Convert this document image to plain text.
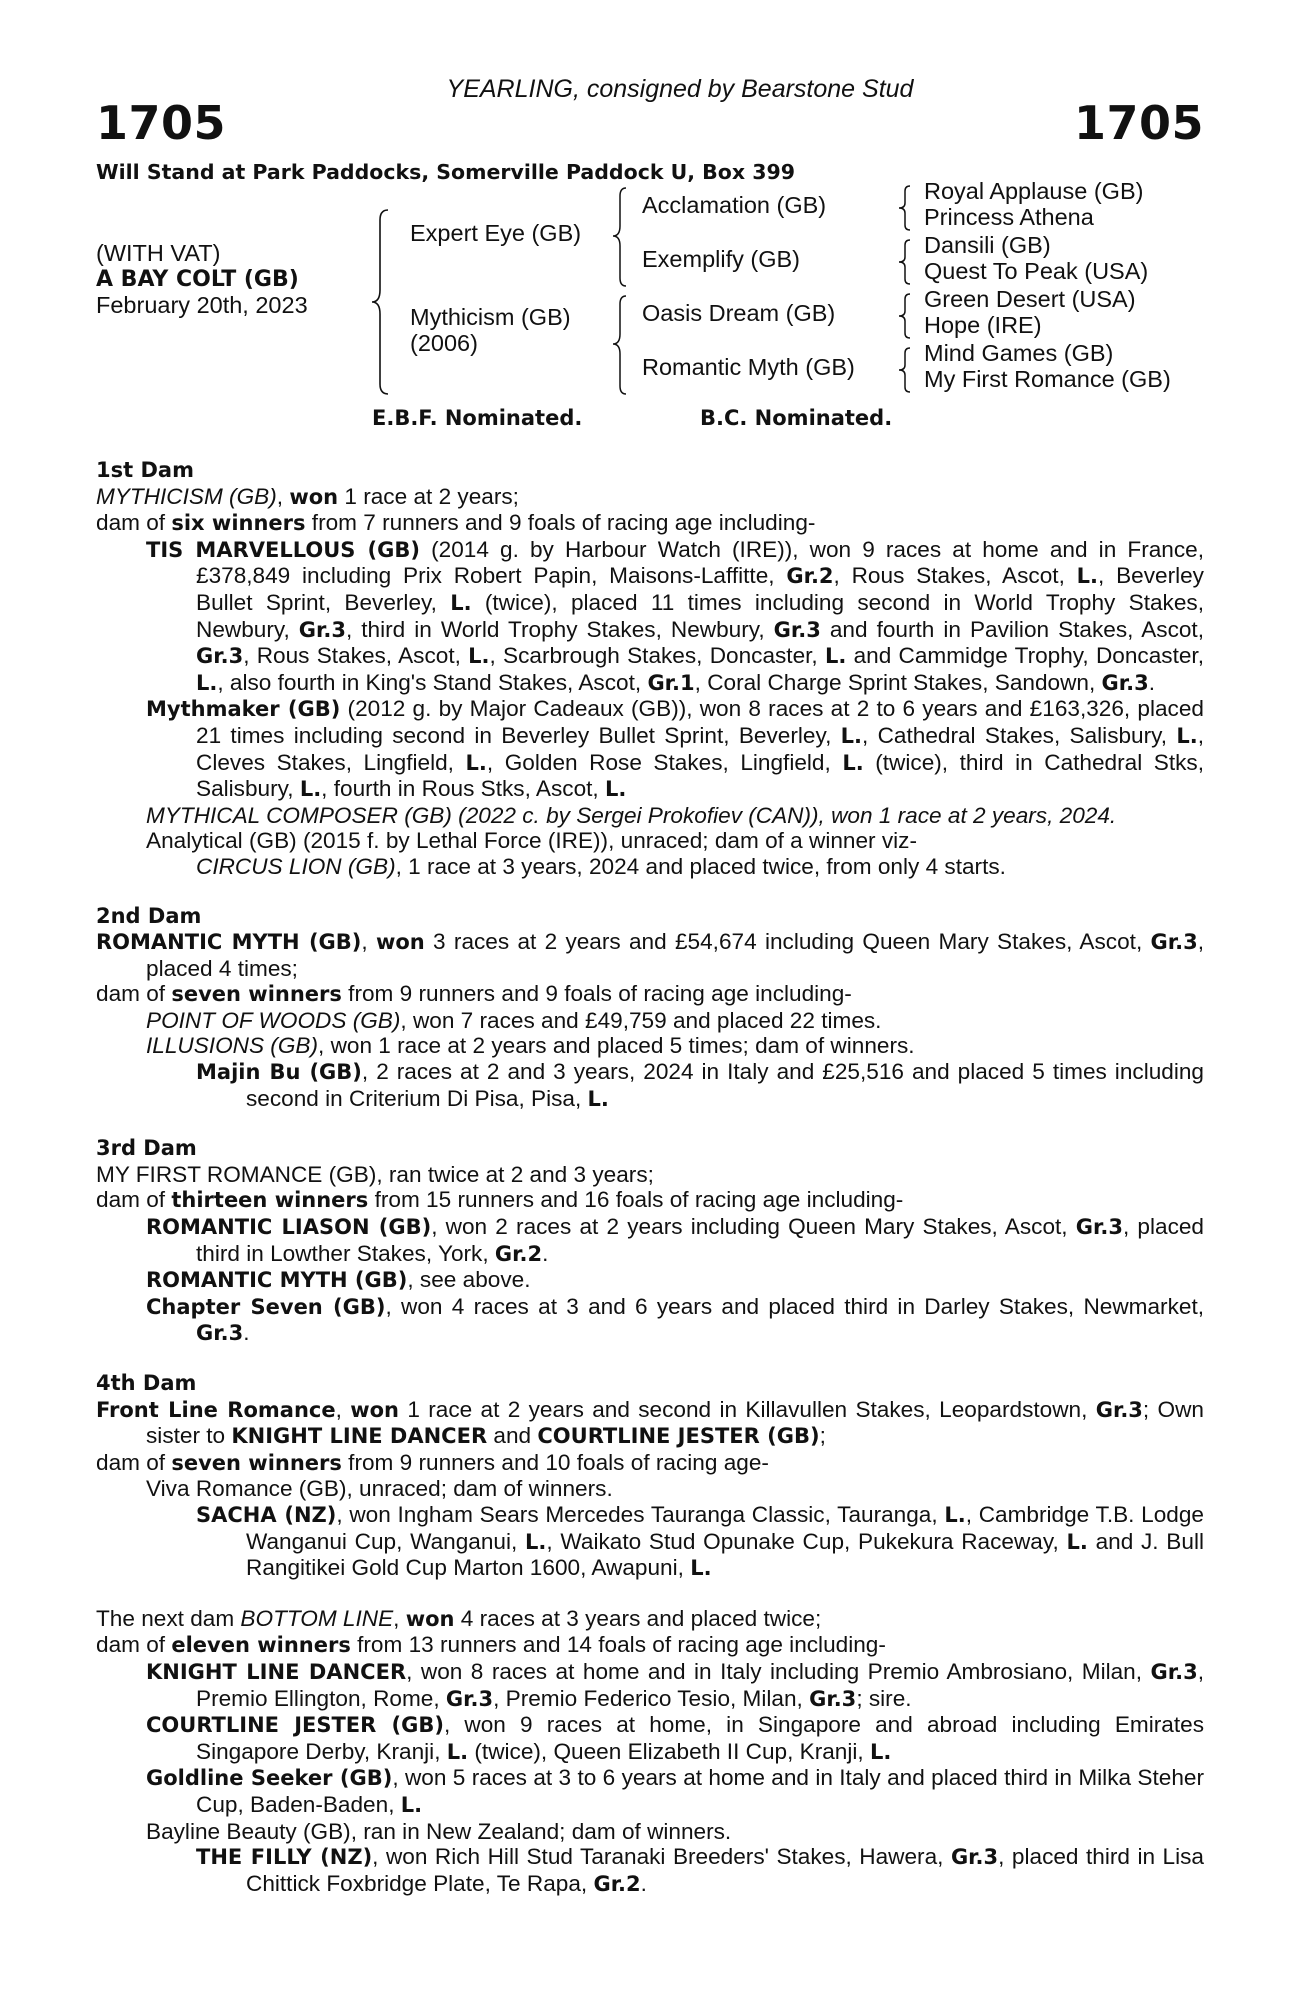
YEARLING, consigned by Bearstone Stud
1705	1705
Will Stand at Park Paddocks, Somerville Paddock U, Box 399
(WITH VAT)
A BAY COLT (GB)
February 20th, 2023
Expert Eye (GB)
Mythicism (GB)
(2006)
Acclamation (GB)
Exemplify (GB)
Oasis Dream (GB)
Romantic Myth (GB)
Royal Applause (GB)
Princess Athena
Dansili (GB)
Quest To Peak (USA)
Green Desert (USA)
Hope (IRE)
Mind Games (GB)
My First Romance (GB)
E.B.F. Nominated.	B.C. Nominated.
1st Dam
MYTHICISM (GB), won 1 race at 2 years;
dam of six winners from 7 runners and 9 foals of racing age including-
TIS MARVELLOUS (GB) (2014 g. by Harbour Watch (IRE)), won 9 races at home and in France, £378,849 including Prix Robert Papin, Maisons-Laffitte, Gr.2, Rous Stakes, Ascot, L., Beverley Bullet Sprint, Beverley, L. (twice), placed 11 times including second in World Trophy Stakes, Newbury, Gr.3, third in World Trophy Stakes, Newbury, Gr.3 and fourth in Pavilion Stakes, Ascot, Gr.3, Rous Stakes, Ascot, L., Scarbrough Stakes, Doncaster, L. and Cammidge Trophy, Doncaster, L., also fourth in King's Stand Stakes, Ascot, Gr.1, Coral Charge Sprint Stakes, Sandown, Gr.3.
Mythmaker (GB) (2012 g. by Major Cadeaux (GB)), won 8 races at 2 to 6 years and £163,326, placed 21 times including second in Beverley Bullet Sprint, Beverley, L., Cathedral Stakes, Salisbury, L., Cleves Stakes, Lingfield, L., Golden Rose Stakes, Lingfield, L. (twice), third in Cathedral Stks, Salisbury, L., fourth in Rous Stks, Ascot, L.
MYTHICAL COMPOSER (GB) (2022 c. by Sergei Prokofiev (CAN)), won 1 race at 2 years, 2024.
Analytical (GB) (2015 f. by Lethal Force (IRE)), unraced; dam of a winner viz-
CIRCUS LION (GB), 1 race at 3 years, 2024 and placed twice, from only 4 starts.
2nd Dam
ROMANTIC MYTH (GB), won 3 races at 2 years and £54,674 including Queen Mary Stakes, Ascot, Gr.3, placed 4 times;
dam of seven winners from 9 runners and 9 foals of racing age including-
POINT OF WOODS (GB), won 7 races and £49,759 and placed 22 times.
ILLUSIONS (GB), won 1 race at 2 years and placed 5 times; dam of winners.
Majin Bu (GB), 2 races at 2 and 3 years, 2024 in Italy and £25,516 and placed 5 times including second in Criterium Di Pisa, Pisa, L.
3rd Dam
MY FIRST ROMANCE (GB), ran twice at 2 and 3 years;
dam of thirteen winners from 15 runners and 16 foals of racing age including-
ROMANTIC LIASON (GB), won 2 races at 2 years including Queen Mary Stakes, Ascot, Gr.3, placed third in Lowther Stakes, York, Gr.2.
ROMANTIC MYTH (GB), see above.
Chapter Seven (GB), won 4 races at 3 and 6 years and placed third in Darley Stakes, Newmarket, Gr.3.
4th Dam
Front Line Romance, won 1 race at 2 years and second in Killavullen Stakes, Leopardstown, Gr.3; Own sister to KNIGHT LINE DANCER and COURTLINE JESTER (GB);
dam of seven winners from 9 runners and 10 foals of racing age-
Viva Romance (GB), unraced; dam of winners.
SACHA (NZ), won Ingham Sears Mercedes Tauranga Classic, Tauranga, L., Cambridge T.B. Lodge Wanganui Cup, Wanganui, L., Waikato Stud Opunake Cup, Pukekura Raceway, L. and J. Bull Rangitikei Gold Cup Marton 1600, Awapuni, L.
The next dam BOTTOM LINE, won 4 races at 3 years and placed twice;
dam of eleven winners from 13 runners and 14 foals of racing age including-
KNIGHT LINE DANCER, won 8 races at home and in Italy including Premio Ambrosiano, Milan, Gr.3, Premio Ellington, Rome, Gr.3, Premio Federico Tesio, Milan, Gr.3; sire.
COURTLINE JESTER (GB), won 9 races at home, in Singapore and abroad including Emirates Singapore Derby, Kranji, L. (twice), Queen Elizabeth II Cup, Kranji, L.
Goldline Seeker (GB), won 5 races at 3 to 6 years at home and in Italy and placed third in Milka Steher Cup, Baden-Baden, L.
Bayline Beauty (GB), ran in New Zealand; dam of winners.
THE FILLY (NZ), won Rich Hill Stud Taranaki Breeders' Stakes, Hawera, Gr.3, placed third in Lisa Chittick Foxbridge Plate, Te Rapa, Gr.2.
